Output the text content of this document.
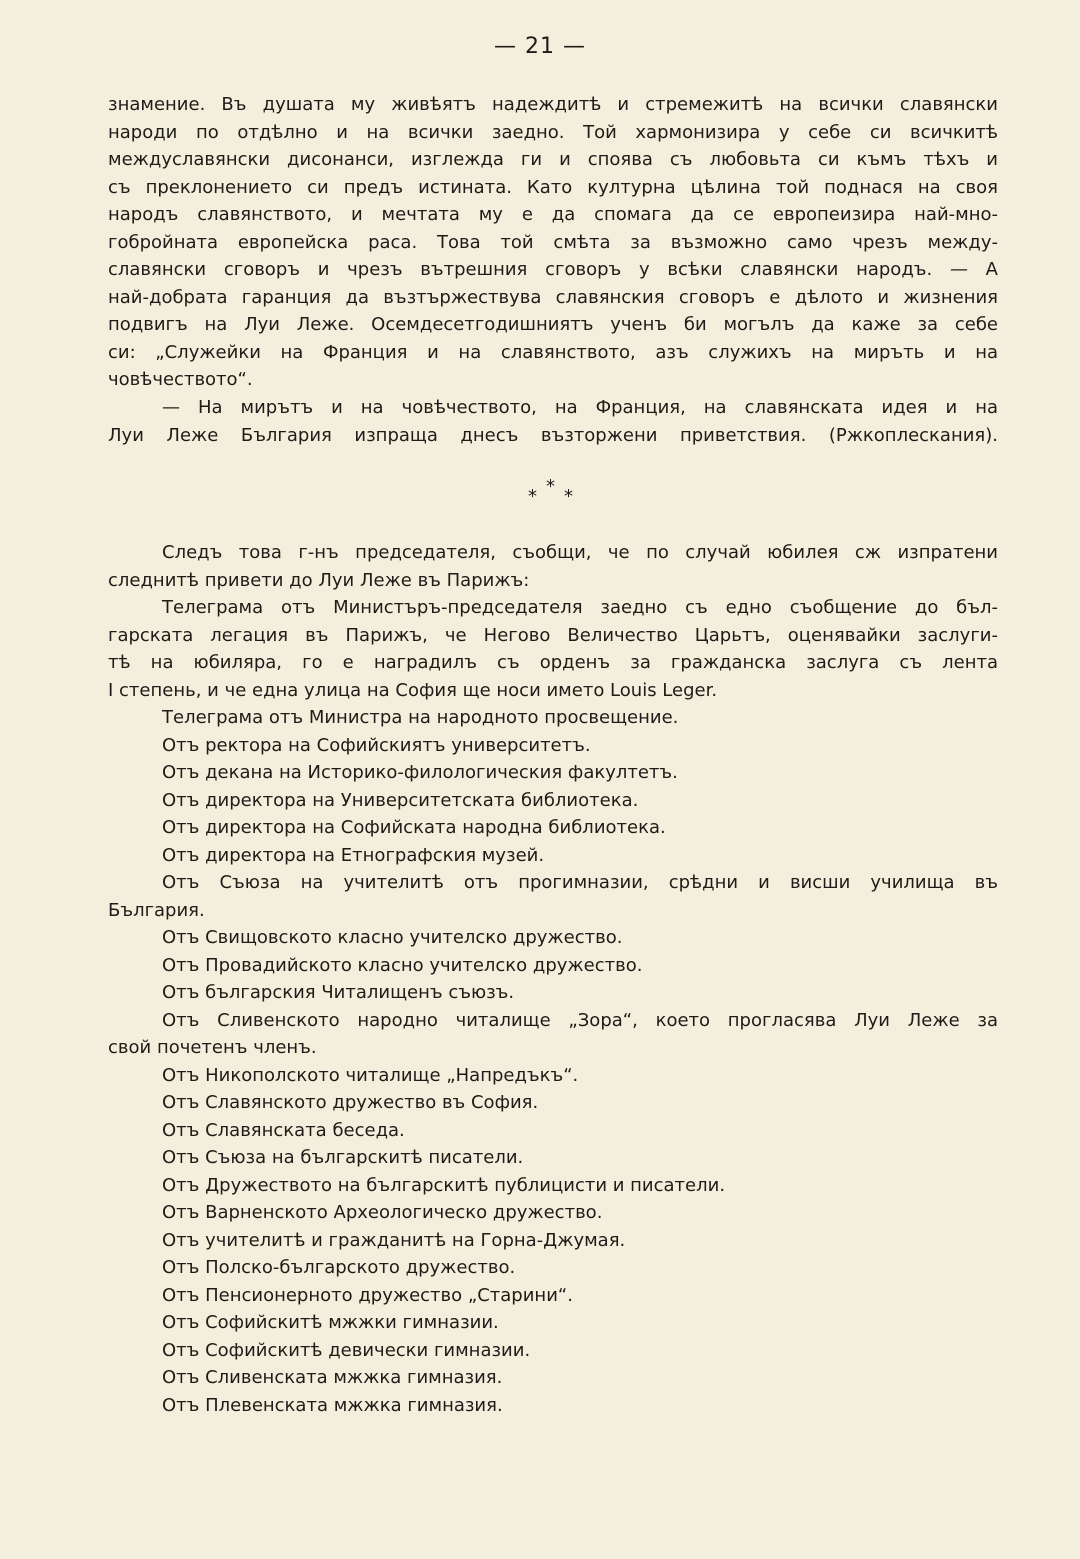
— 21 —
знамение. Въ душата му живѣятъ надеждитѣ и стремежитѣ на всички славянски
народи по отдѣлно и на всички заедно. Той хармонизира у себе си всичкитѣ
междуславянски дисонанси, изглежда ги и споява съ любовьта си къмъ тѣхъ и
съ преклонението си предъ истината. Като културна цѣлина той поднася на своя
народъ славянството, и мечтата му е да спомага да се европеизира най-мно-
гобройната европейска раса. Това той смѣта за възможно само чрезъ между-
славянски сговоръ и чрезъ вътрешния сговоръ у всѣки славянски народъ. — А
най-добрата гаранция да възтържествува славянския сговоръ е дѣлото и жизнения
подвигъ на Луи Леже. Осемдесетгодишниятъ ученъ би могълъ да каже за себе
си: „Служейки на Франция и на славянството, азъ служихъ на миръть и на
човѣчеството“.
— На мирътъ и на човѣчеството, на Франция, на славянската идея и на
Луи Леже България изпраща днесъ възторжени приветствия. (Ржкоплескания).
* * *
Следъ това г-нъ председателя, съобщи, че по случай юбилея сж изпратени
следнитѣ привети до Луи Леже въ Парижъ:
Телеграма отъ Министъръ-председателя заедно съ едно съобщение до бъл-
гарската легация въ Парижъ, че Негово Величество Царьтъ, оценявайки заслуги-
тѣ на юбиляра, го е наградилъ съ орденъ за гражданска заслуга съ лента
I степень, и че една улица на София ще носи името Louis Leger.
Телеграма отъ Министра на народното просвещение.
Отъ ректора на Софийскиятъ университетъ.
Отъ декана на Историко-филологическия факултетъ.
Отъ директора на Университетската библиотека.
Отъ директора на Софийската народна библиотека.
Отъ директора на Етнографския музей.
Отъ Съюза на учителитѣ отъ прогимназии, срѣдни и висши училища въ
България.
Отъ Свищовското класно учителско дружество.
Отъ Провадийското класно учителско дружество.
Отъ българския Читалищенъ съюзъ.
Отъ Сливенското народно читалище „Зора“, което прогласява Луи Леже за
свой почетенъ членъ.
Отъ Никополското читалище „Напредъкъ“.
Отъ Славянското дружество въ София.
Отъ Славянската беседа.
Отъ Съюза на българскитѣ писатели.
Отъ Дружеството на българскитѣ публицисти и писатели.
Отъ Варненското Археологическо дружество.
Отъ учителитѣ и гражданитѣ на Горна-Джумая.
Отъ Полско-българското дружество.
Отъ Пенсионерното дружество „Старини“.
Отъ Софийскитѣ мжжки гимназии.
Отъ Софийскитѣ девически гимназии.
Отъ Сливенската мжжка гимназия.
Отъ Плевенската мжжка гимназия.
